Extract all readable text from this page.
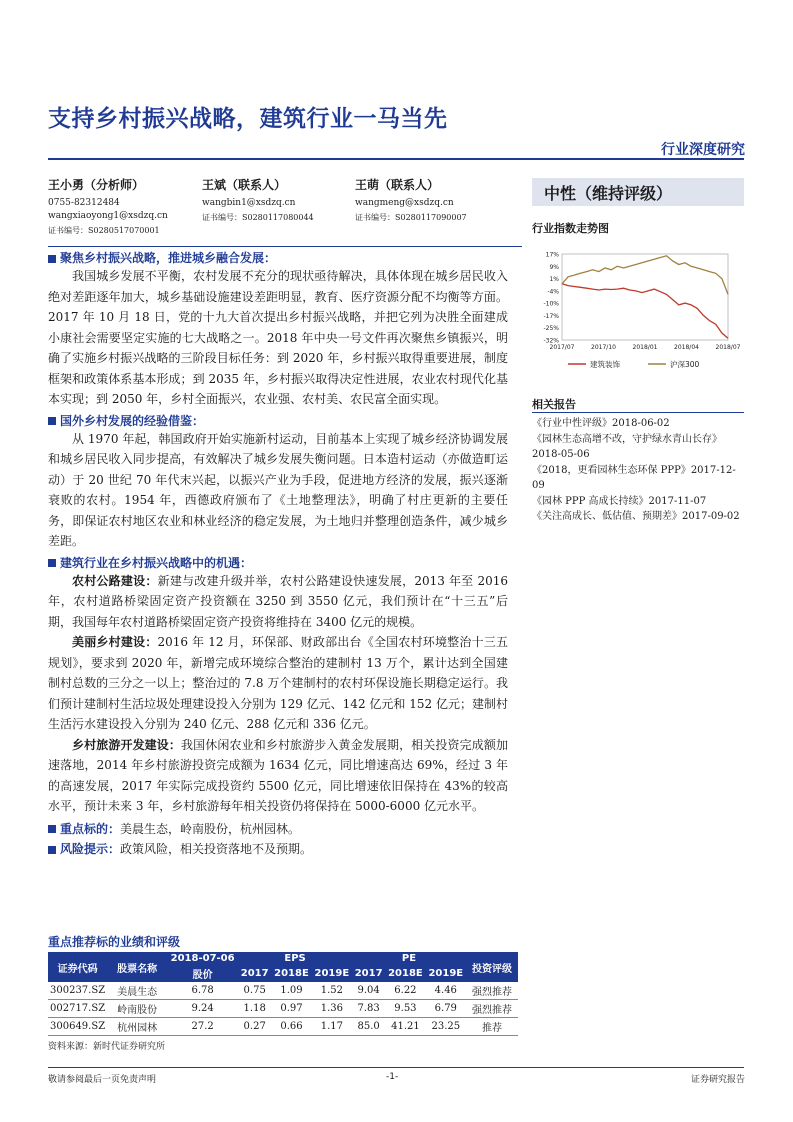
支持乡村振兴战略，建筑行业一马当先
行业深度研究
王小勇（分析师）
0755-82312484
wangxiaoyong1@xsdzq.cn
证书编号：S0280517070001
王斌（联系人）
wangbin1@xsdzq.cn
证书编号：S0280117080044
王萌（联系人）
wangmeng@xsdzq.cn
证书编号：S0280117090007
聚焦乡村振兴战略，推进城乡融合发展：
我国城乡发展不平衡，农村发展不充分的现状亟待解决，具体体现在城乡居民收入绝对差距逐年加大，城乡基础设施建设差距明显，教育、医疗资源分配不均衡等方面。2017 年 10 月 18 日，党的十九大首次提出乡村振兴战略，并把它列为决胜全面建成小康社会需要坚定实施的七大战略之一。2018 年中央一号文件再次聚焦乡镇振兴，明确了实施乡村振兴战略的三阶段目标任务：到 2020 年，乡村振兴取得重要进展，制度框架和政策体系基本形成；到 2035 年，乡村振兴取得决定性进展，农业农村现代化基本实现；到 2050 年，乡村全面振兴，农业强、农村美、农民富全面实现。
国外乡村发展的经验借鉴：
从 1970 年起，韩国政府开始实施新村运动，目前基本上实现了城乡经济协调发展和城乡居民收入同步提高，有效解决了城乡发展失衡问题。日本造村运动（亦做造町运动）于 20 世纪 70 年代末兴起，以振兴产业为手段，促进地方经济的发展，振兴逐渐衰败的农村。1954 年，西德政府颁布了《土地整理法》，明确了村庄更新的主要任务，即保证农村地区农业和林业经济的稳定发展，为土地归并整理创造条件，减少城乡差距。
建筑行业在乡村振兴战略中的机遇：
农村公路建设：新建与改建升级并举，农村公路建设快速发展，2013 年至 2016 年，农村道路桥梁固定资产投资额在 3250 到 3550 亿元，我们预计在“十三五”后期，我国每年农村道路桥梁固定资产投资将维持在 3400 亿元的规模。
美丽乡村建设：2016 年 12 月，环保部、财政部出台《全国农村环境整治十三五规划》，要求到 2020 年，新增完成环境综合整治的建制村 13 万个，累计达到全国建制村总数的三分之一以上；整治过的 7.8 万个建制村的农村环保设施长期稳定运行。我们预计建制村生活垃圾处理建设投入分别为 129 亿元、142 亿元和 152 亿元；建制村生活污水建设投入分别为 240 亿元、288 亿元和 336 亿元。
乡村旅游开发建设：我国休闲农业和乡村旅游步入黄金发展期，相关投资完成额加速落地，2014 年乡村旅游投资完成额为 1634 亿元，同比增速高达 69%，经过 3 年的高速发展，2017 年实际完成投资约 5500 亿元，同比增速依旧保持在 43%的较高水平，预计未来 3 年，乡村旅游每年相关投资仍将保持在 5000-6000 亿元水平。
重点标的：美晨生态，岭南股份，杭州园林。
风险提示：政策风险，相关投资落地不及预期。
重点推荐标的业绩和评级
证券代码	股票名称	2018-07-06	EPS			PE			投资评级
		股价	2017	2018E	2019E	2017	2018E	2019E	
300237.SZ	美晨生态	6.78	0.75	1.09	1.52	9.04	6.22	4.46	强烈推荐
002717.SZ	岭南股份	9.24	1.18	0.97	1.36	7.83	9.53	6.79	强烈推荐
300649.SZ	杭州园林	27.2	0.27	0.66	1.17	85.0	41.21	23.25	推荐
资料来源：新时代证券研究所
中性（维持评级）
行业指数走势图
17%
9%
1%
-4%
-10%
-17%
-25%
-32%
2017/07	2017/10	2018/01	2018/04	2018/07
建筑装饰	沪深300
相关报告
《行业中性评级》2018-06-02
《园林生态高增不改，守护绿水青山长存》2018-05-06
《2018，更看园林生态环保 PPP》2017-12-09
《园林 PPP 高成长持续》2017-11-07
《关注高成长、低估值、预期差》2017-09-02
敬请参阅最后一页免责声明	-1-	证券研究报告
